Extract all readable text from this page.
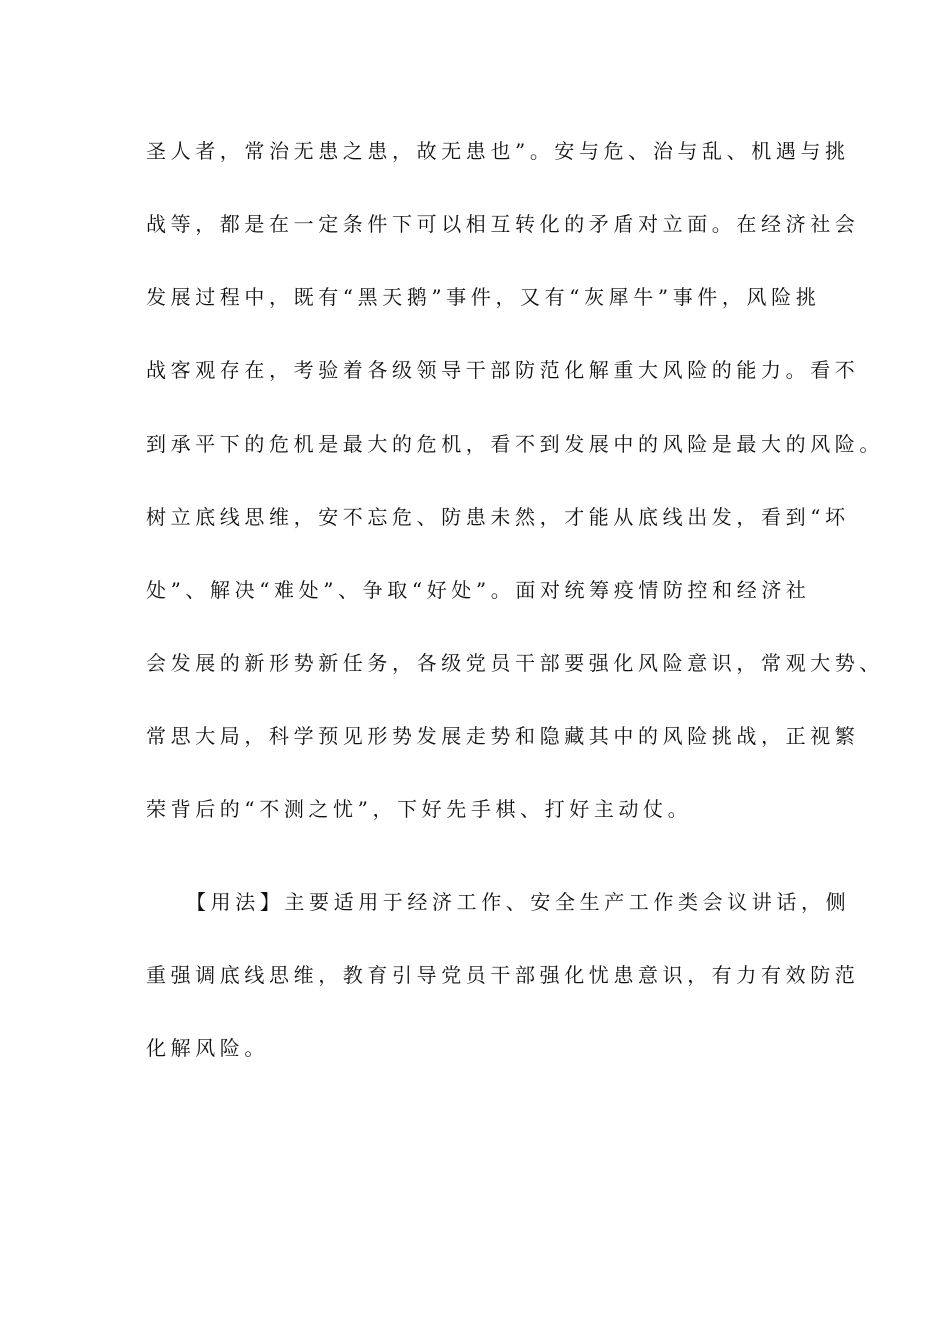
圣人者，常治无患之患，故无患也”。安与危、治与乱、机遇与挑
战等，都是在一定条件下可以相互转化的矛盾对立面。在经济社会
发展过程中，既有“黑天鹅”事件，又有“灰犀牛”事件，风险挑
战客观存在，考验着各级领导干部防范化解重大风险的能力。看不
到承平下的危机是最大的危机，看不到发展中的风险是最大的风险。
树立底线思维，安不忘危、防患未然，才能从底线出发，看到“坏
处”、解决“难处”、争取“好处”。面对统筹疫情防控和经济社
会发展的新形势新任务，各级党员干部要强化风险意识，常观大势、
常思大局，科学预见形势发展走势和隐藏其中的风险挑战，正视繁
荣背后的“不测之忧”，下好先手棋、打好主动仗。
【用法】主要适用于经济工作、安全生产工作类会议讲话，侧
重强调底线思维，教育引导党员干部强化忧患意识，有力有效防范
化解风险。
